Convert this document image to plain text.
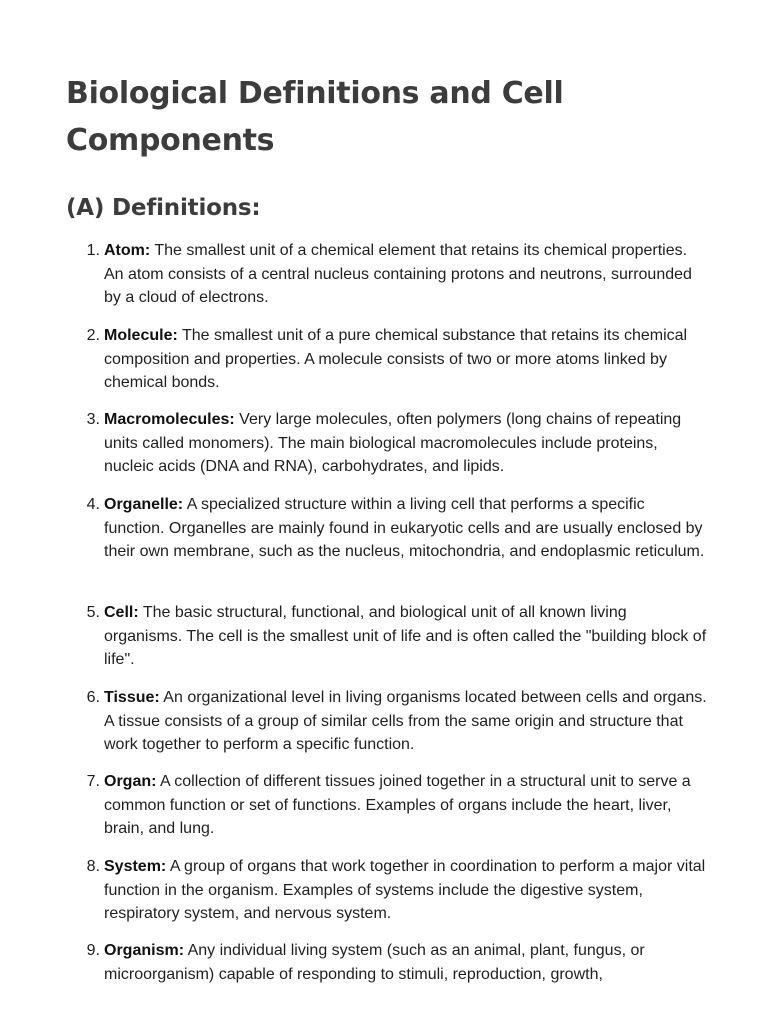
Biological Definitions and Cell Components
(A) Definitions:
1. Atom: The smallest unit of a chemical element that retains its chemical properties. An atom consists of a central nucleus containing protons and neutrons, surrounded by a cloud of electrons.
2. Molecule: The smallest unit of a pure chemical substance that retains its chemical composition and properties. A molecule consists of two or more atoms linked by chemical bonds.
3. Macromolecules: Very large molecules, often polymers (long chains of repeating units called monomers). The main biological macromolecules include proteins, nucleic acids (DNA and RNA), carbohydrates, and lipids.
4. Organelle: A specialized structure within a living cell that performs a specific function. Organelles are mainly found in eukaryotic cells and are usually enclosed by their own membrane, such as the nucleus, mitochondria, and endoplasmic reticulum.
5. Cell: The basic structural, functional, and biological unit of all known living organisms. The cell is the smallest unit of life and is often called the "building block of life".
6. Tissue: An organizational level in living organisms located between cells and organs. A tissue consists of a group of similar cells from the same origin and structure that work together to perform a specific function.
7. Organ: A collection of different tissues joined together in a structural unit to serve a common function or set of functions. Examples of organs include the heart, liver, brain, and lung.
8. System: A group of organs that work together in coordination to perform a major vital function in the organism. Examples of systems include the digestive system, respiratory system, and nervous system.
9. Organism: Any individual living system (such as an animal, plant, fungus, or microorganism) capable of responding to stimuli, reproduction, growth,
